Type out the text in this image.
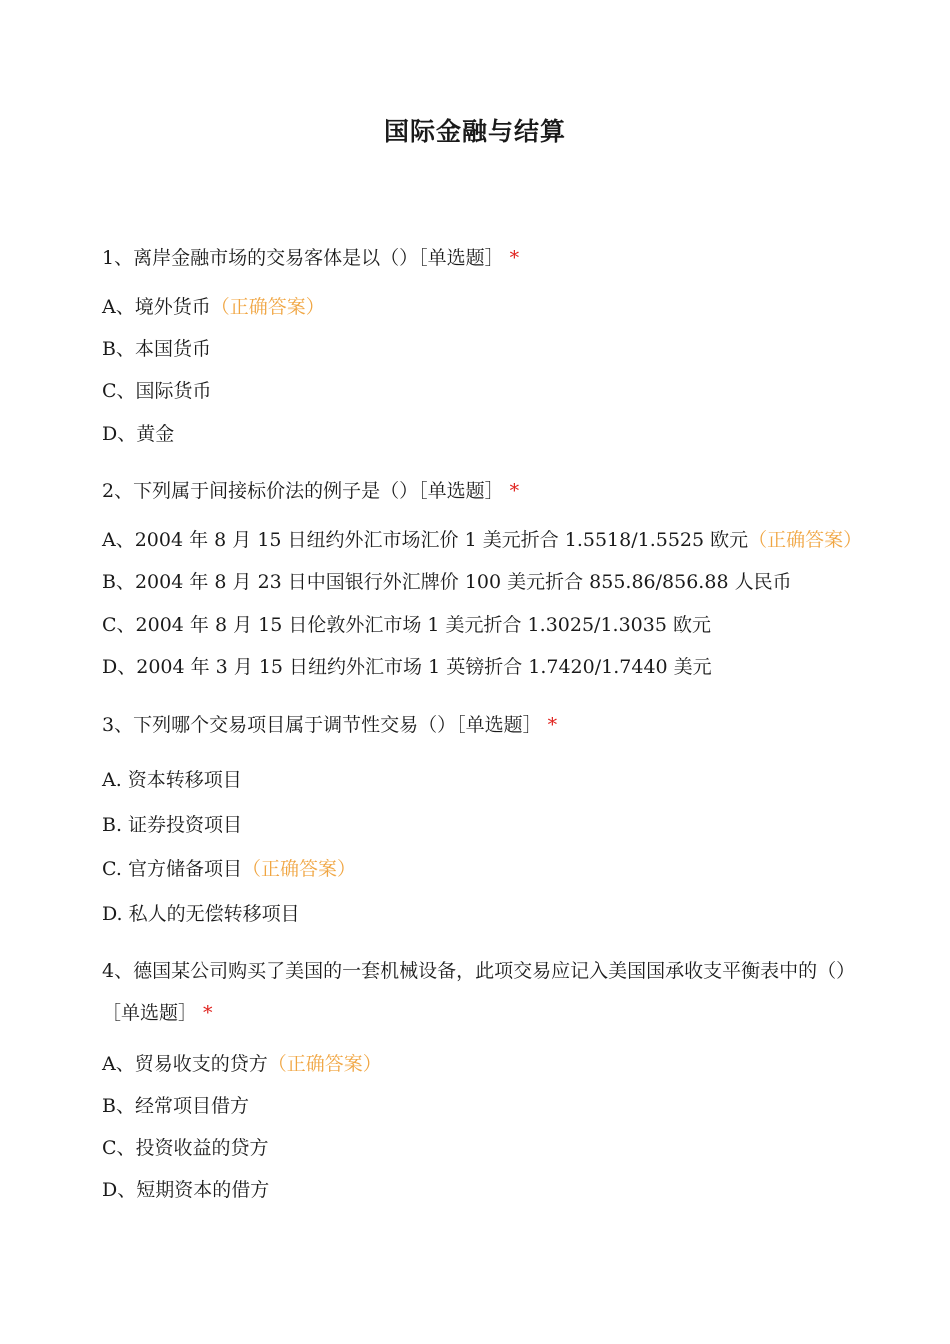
国际金融与结算
1、离岸金融市场的交易客体是以（）［单选题］ *
A、境外货币（正确答案）
B、本国货币
C、国际货币
D、黄金
2、下列属于间接标价法的例子是（）［单选题］ *
A、2004 年 8 月 15 日纽约外汇市场汇价 1 美元折合 1.5518/1.5525 欧元（正确答案）
B、2004 年 8 月 23 日中国银行外汇牌价 100 美元折合 855.86/856.88 人民币
C、2004 年 8 月 15 日伦敦外汇市场 1 美元折合 1.3025/1.3035 欧元
D、2004 年 3 月 15 日纽约外汇市场 1 英镑折合 1.7420/1.7440 美元
3、下列哪个交易项目属于调节性交易（）［单选题］ *
A. 资本转移项目
B. 证券投资项目
C. 官方储备项目（正确答案）
D. 私人的无偿转移项目
4、德国某公司购买了美国的一套机械设备，此项交易应记入美国国承收支平衡表中的（）［单选题］ *
A、贸易收支的贷方（正确答案）
B、经常项目借方
C、投资收益的贷方
D、短期资本的借方
